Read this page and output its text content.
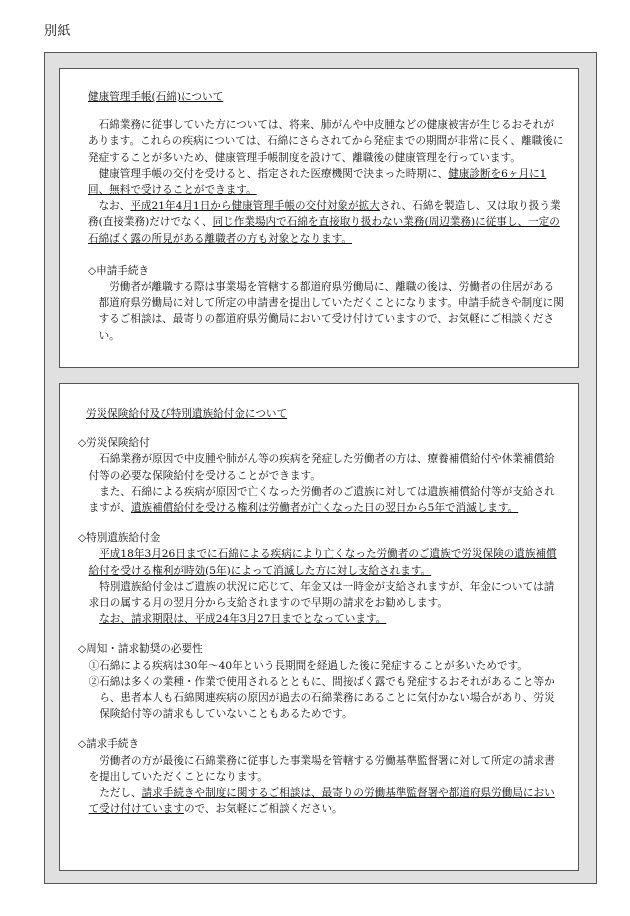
別紙
健康管理手帳(石綿)について

石綿業務に従事していた方については、将来、肺がんや中皮腫などの健康被害が生じるおそれがあります。これらの疾病については、石綿にさらされてから発症までの期間が非常に長く、離職後に発症することが多いため、健康管理手帳制度を設けて、離職後の健康管理を行っています。

健康管理手帳の交付を受けると、指定された医療機関で決まった時期に、健康診断を6ヶ月に1回、無料で受けることができます。

なお、平成21年4月1日から健康管理手帳の交付対象が拡大され、石綿を製造し、又は取り扱う業務(直接業務)だけでなく、同じ作業場内で石綿を直接取り扱わない業務(周辺業務)に従事し、一定の石綿ばく露の所見がある離職者の方も対象となります。

◇申請手続き

労働者が離職する際は事業場を管轄する都道府県労働局に、離職の後は、労働者の住居がある都道府県労働局に対して所定の申請書を提出していただくことになります。申請手続きや制度に関するご相談は、最寄りの都道府県労働局において受け付けていますので、お気軽にご相談ください。

労災保険給付及び特別遺族給付金について
◇労災保険給付

石綿業務が原因で中皮腫や肺がん等の疾病を発症した労働者の方は、療養補償給付や休業補償給付等の必要な保険給付を受けることができます。

また、石綿による疾病が原因で亡くなった労働者のご遺族に対しては遺族補償給付等が支給されますが、遺族補償給付を受ける権利は労働者が亡くなった日の翌日から5年で消滅します。

◇特別遺族給付金

平成18年3月26日までに石綿による疾病により亡くなった労働者のご遺族で労災保険の遺族補償給付を受ける権利が時効(5年)によって消滅した方に対し支給されます。

特別遺族給付金はご遺族の状況に応じて、年金又は一時金が支給されますが、年金については請求日の属する月の翌月分から支給されますので早期の請求をお勧めします。

なお、請求期限は、平成24年3月27日までとなっています。

◇周知・請求勧奨の必要性

①石綿による疾病は30年～40年という長期間を経過した後に発症することが多いためです。

②石綿は多くの業種・作業で使用されるとともに、間接ばく露でも発症するおそれがあること等から、患者本人も石綿関連疾病の原因が過去の石綿業務にあることに気付かない場合があり、労災保険給付等の請求もしていないこともあるためです。

◇請求手続き

労働者の方が最後に石綿業務に従事した事業場を管轄する労働基準監督署に対して所定の請求書を提出していただくことになります。

ただし、請求手続きや制度に関するご相談は、最寄りの労働基準監督署や都道府県労働局において受け付けていますので、お気軽にご相談ください。
